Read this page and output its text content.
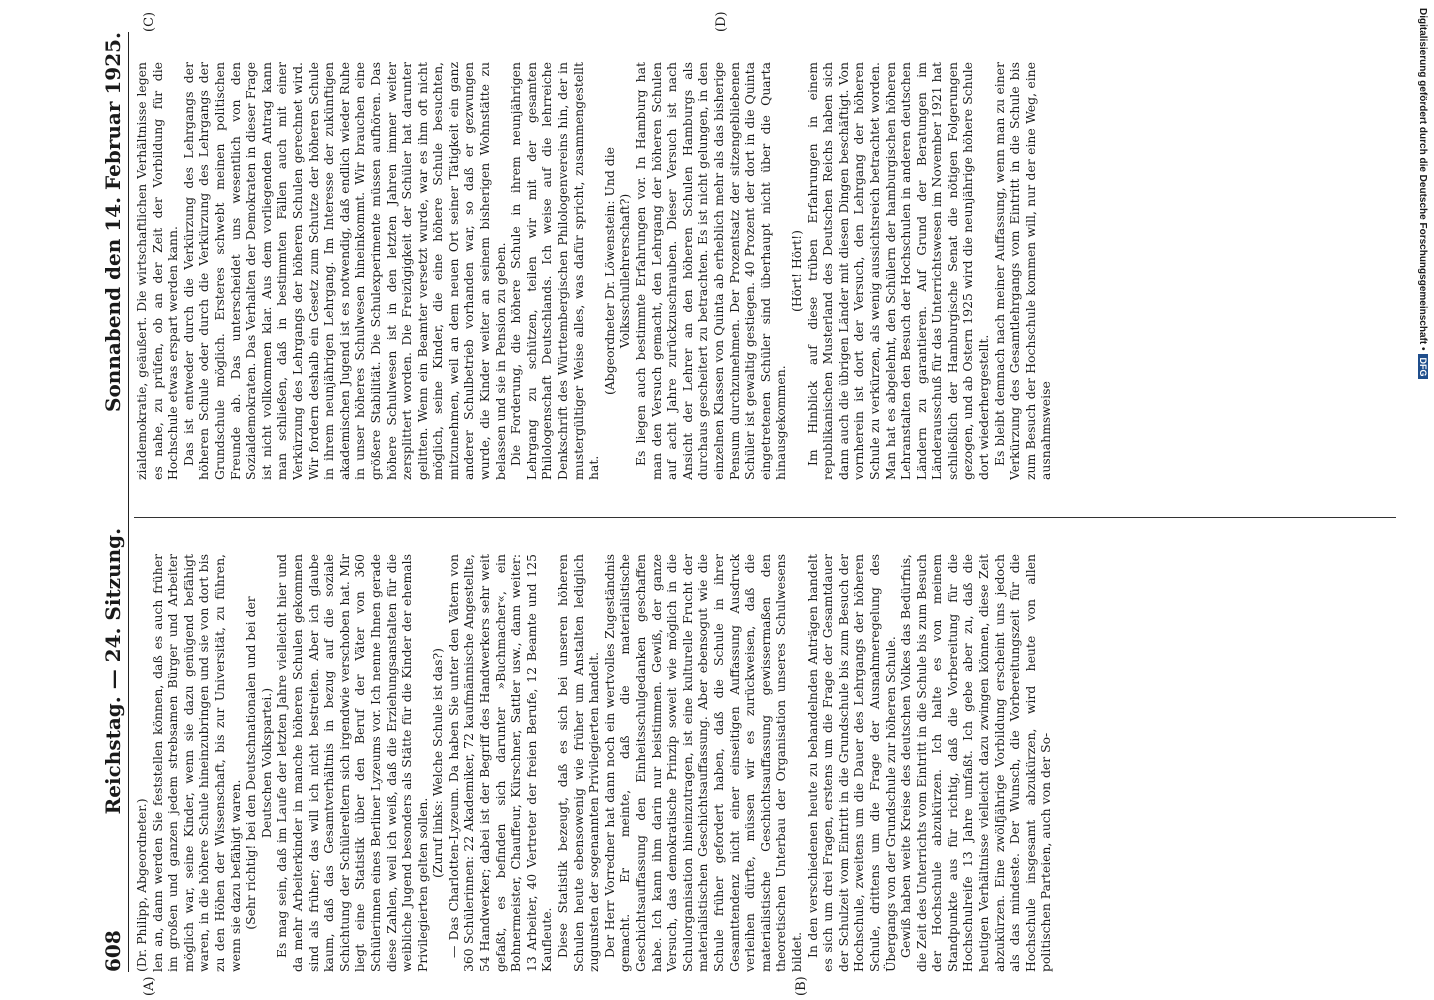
608
Reichstag. — 24. Sitzung.
Sonnabend den 14. Februar 1925.
(A)	(B)
(C)	(D)

(Dr. Philipp, Abgeordneter.) len an, dann werden Sie feststellen können, daß es auch früher im großen und ganzen jedem strebsamen Bürger und Arbeiter möglich war, seine Kinder, wenn sie dazu genügend befähigt waren, in die höhere Schule hineinzubringen und sie von dort bis zu den Höhen der Wissenschaft, bis zur Universität, zu führen, wenn sie dazu befähigt waren. (Sehr richtig! bei den Deutschnationalen und bei der Deutschen Volkspartei.) Es mag sein, daß im Laufe der letzten Jahre vielleicht hier und da mehr Arbeiterkinder in manche höheren Schulen gekommen sind als früher; das will ich nicht bestreiten. Aber ich glaube kaum, daß das Gesamtverhältnis in bezug auf die soziale Schichtung der Schülereltern sich irgendwie verschoben hat. Mir liegt eine Statistik über den Beruf der Väter von 360 Schülerinnen eines Berliner Lyzeums vor. Ich nenne Ihnen gerade diese Zahlen, weil ich weiß, daß die Erziehungsanstalten für die weibliche Jugend besonders als Stätte für die Kinder der ehemals Privilegierten gelten sollen.

(Zuruf links: Welche Schule ist das?) — Das Charlotten-Lyzeum. Da haben Sie unter den Vätern von 360 Schülerinnen: 22 Akademiker, 72 kaufmännische Angestellte, 54 Handwerker; dabei ist der Begriff des Handwerkers sehr weit gefaßt, es befinden sich darunter »Buchmacher«, ein Bohnermeister, Chauffeur, Kürschner, Sattler usw., dann weiter: 13 Arbeiter, 40 Vertreter der freien Berufe, 12 Beamte und 125 Kaufleute. Diese Statistik bezeugt, daß es sich bei unseren höheren Schulen heute ebensowenig wie früher um Anstalten lediglich zugunsten der sogenannten Privilegierten handelt. Der Herr Vorredner hat dann noch ein wertvolles Zugeständnis gemacht. Er meinte, daß die materialistische Geschichtsauffassung den Einheitsschulgedanken geschaffen habe. Ich kann ihm darin nur beistimmen. Gewiß, der ganze Versuch, das demokratische Prinzip soweit wie möglich in die Schulorganisation hineinzutragen, ist eine kulturelle Frucht der materialistischen Geschichtsauffassung. Aber ebensogut wie die Schule früher gefordert haben, daß die Schule in ihrer Gesamttendenz nicht einer einseitigen Auffassung Ausdruck verleihen dürfte, müssen wir es zurückweisen, daß die materialistische Geschichtsauffassung gewissermaßen den theoretischen Unterbau der Organisation unseres Schulwesens bildet. In den verschiedenen heute zu behandelnden Anträgen handelt es sich um drei Fragen, erstens um die Frage der Gesamtdauer der Schulzeit vom Eintritt in die Grundschule bis zum Besuch der Hochschule, zweitens um die Dauer des Lehrgangs der höheren Schule, drittens um die Frage der Ausnahmeregelung des Übergangs von der Grundschule zur höheren Schule. Gewiß haben weite Kreise des deutschen Volkes das Bedürfnis, die Zeit des Unterrichts vom Eintritt in die Schule bis zum Besuch der Hochschule abzukürzen. Ich halte es von meinem Standpunkte aus für richtig, daß die Vorbereitung für die Hochschulreife 13 Jahre umfaßt. Ich gebe aber zu, daß die heutigen Verhältnisse vielleicht dazu zwingen können, diese Zeit abzukürzen. Eine zwölfjährige Vorbildung erscheint uns jedoch als das mindeste. Der Wunsch, die Vorbereitungszeit für die Hochschule insgesamt abzukürzen, wird heute von allen politischen Parteien, auch von der So-

zialdemokratie, geäußert. Die wirtschaftlichen Verhältnisse legen es nahe, zu prüfen, ob an der Zeit der Vorbildung für die Hochschule etwas erspart werden kann. Das ist entweder durch die Verkürzung des Lehrgangs der höheren Schule oder durch die Verkürzung des Lehrgangs der Grundschule möglich. Ersteres schwebt meinen politischen Freunde ab. Das unterscheidet uns wesentlich von den Sozialdemokraten. Das Verhalten der Demokraten in dieser Frage ist nicht vollkommen klar. Aus dem vorliegenden Antrag kann man schließen, daß in bestimmten Fällen auch mit einer Verkürzung des Lehrgangs der höheren Schulen gerechnet wird. Wir fordern deshalb ein Gesetz zum Schutze der höheren Schule in ihrem neunjährigen Lehrgang. Im Interesse der zukünftigen akademischen Jugend ist es notwendig, daß endlich wieder Ruhe in unser höheres Schulwesen hineinkommt. Wir brauchen eine größere Stabilität. Die Schulexperimente müssen aufhören. Das höhere Schulwesen ist in den letzten Jahren immer weiter zersplittert worden. Die Freizügigkeit der Schüler hat darunter gelitten. Wenn ein Beamter versetzt wurde, war es ihm oft nicht möglich, seine Kinder, die eine höhere Schule besuchten, mitzunehmen, weil an dem neuen Ort seiner Tätigkeit ein ganz anderer Schulbetrieb vorhanden war, so daß er gezwungen wurde, die Kinder weiter an seinem bisherigen Wohnstätte zu belassen und sie in Pension zu geben. Die Forderung, die höhere Schule in ihrem neunjährigen Lehrgang zu schützen, teilen wir mit der gesamten Philologenschaft Deutschlands. Ich weise auf die lehrreiche Denkschrift des Württembergischen Philologenvereins hin, der in mustergültiger Weise alles, was dafür spricht, zusammengestellt hat.

(Abgeordneter Dr. Löwenstein: Und die Volksschullehrerschaft?) Es liegen auch bestimmte Erfahrungen vor. In Hamburg hat man den Versuch gemacht, den Lehrgang der höheren Schulen auf acht Jahre zurückzuschrauben. Dieser Versuch ist nach Ansicht der Lehrer an den höheren Schulen Hamburgs als durchaus gescheitert zu betrachten. Es ist nicht gelungen, in den einzelnen Klassen von Quinta ab erheblich mehr als das bisherige Pensum durchzunehmen. Der Prozentsatz der sitzengebliebenen Schüler ist gewaltig gestiegen. 40 Prozent der dort in die Quinta eingetretenen Schüler sind überhaupt nicht über die Quarta hinausgekommen.

(Hört! Hört!) Im Hinblick auf diese trüben Erfahrungen in einem republikanischen Musterland des Deutschen Reichs haben sich dann auch die übrigen Länder mit diesen Dingen beschäftigt. Von vornherein ist dort der Versuch, den Lehrgang der höheren Schule zu verkürzen, als wenig aussichtsreich betrachtet worden. Man hat es abgelehnt, den Schülern der hamburgischen höheren Lehranstalten den Besuch der Hochschulen in anderen deutschen Ländern zu garantieren. Auf Grund der Beratungen im Länderausschuß für das Unterrichtswesen im November 1921 hat schließlich der Hamburgische Senat die nötigen Folgerungen gezogen, und ab Ostern 1925 wird die neunjährige höhere Schule dort wiederhergestellt. Es bleibt demnach nach meiner Auffassung, wenn man zu einer Verkürzung des Gesamtlehrgangs vom Eintritt in die Schule bis zum Besuch der Hochschule kommen will, nur der eine Weg, eine ausnahmsweise

Digitalisierung gefördert durch die Deutsche Forschungsgemeinschaft •
DFG
